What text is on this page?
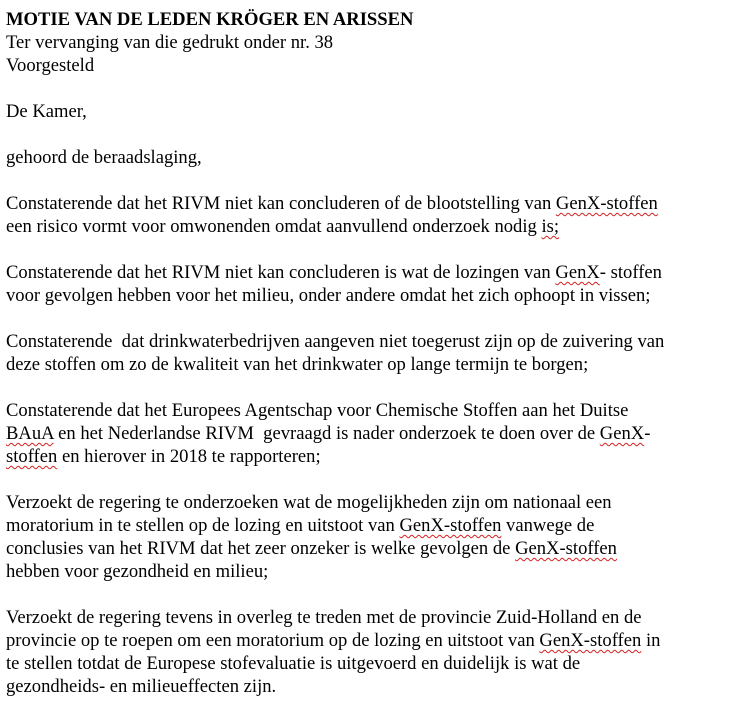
MOTIE VAN DE LEDEN KRÖGER EN ARISSEN
Ter vervanging van die gedrukt onder nr. 38
Voorgesteld
De Kamer,
gehoord de beraadslaging,
Constaterende dat het RIVM niet kan concluderen of de blootstelling van GenX-stoffen
een risico vormt voor omwonenden omdat aanvullend onderzoek nodig is;
Constaterende dat het RIVM niet kan concluderen is wat de lozingen van GenX- stoffen
voor gevolgen hebben voor het milieu, onder andere omdat het zich ophoopt in vissen;
Constaterende  dat drinkwaterbedrijven aangeven niet toegerust zijn op de zuivering van
deze stoffen om zo de kwaliteit van het drinkwater op lange termijn te borgen;
Constaterende dat het Europees Agentschap voor Chemische Stoffen aan het Duitse
BAuA en het Nederlandse RIVM  gevraagd is nader onderzoek te doen over de GenX-
stoffen en hierover in 2018 te rapporteren;
Verzoekt de regering te onderzoeken wat de mogelijkheden zijn om nationaal een
moratorium in te stellen op de lozing en uitstoot van GenX-stoffen vanwege de
conclusies van het RIVM dat het zeer onzeker is welke gevolgen de GenX-stoffen
hebben voor gezondheid en milieu;
Verzoekt de regering tevens in overleg te treden met de provincie Zuid-Holland en de
provincie op te roepen om een moratorium op de lozing en uitstoot van GenX-stoffen in
te stellen totdat de Europese stofevaluatie is uitgevoerd en duidelijk is wat de
gezondheids- en milieueffecten zijn.
